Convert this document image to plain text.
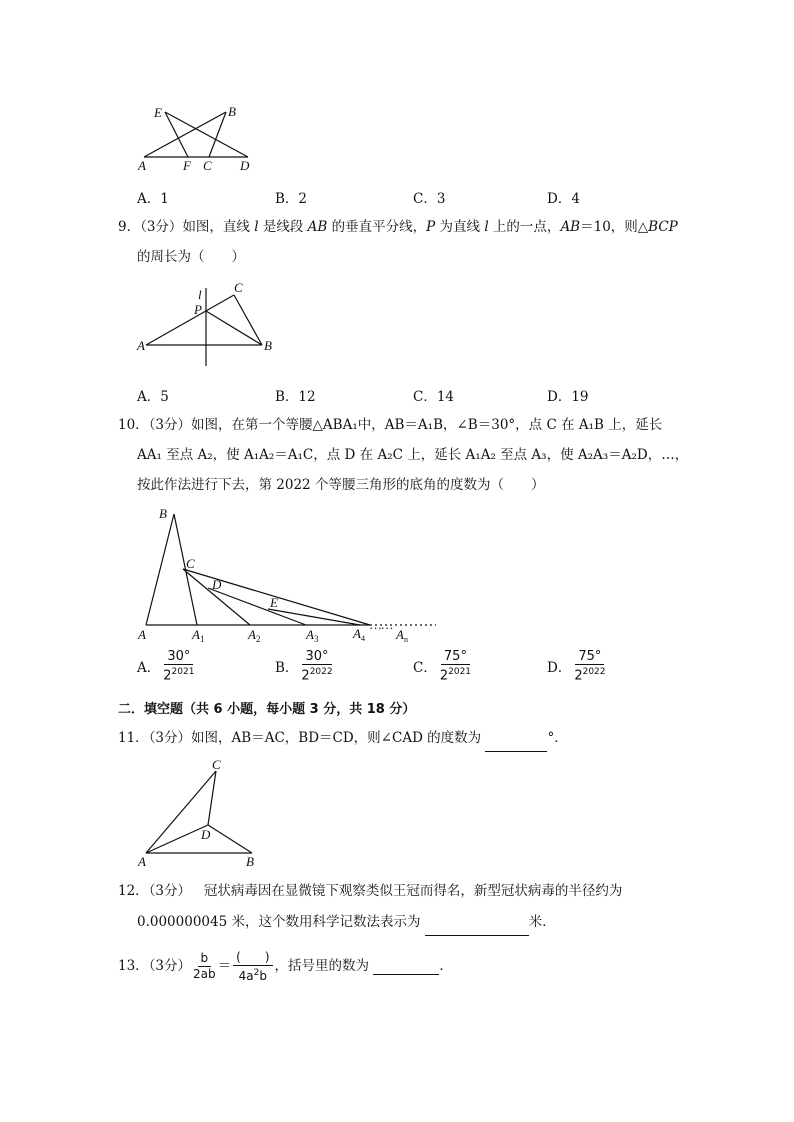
E	B
A	F C D
A．1	B．2	C．3	D．4
9．（3分）如图，直线 l 是线段 AB 的垂直平分线，P 为直线 l 上的一点，AB＝10，则△BCP
的周长为（　　）
l C
P
A	B
A．5	B．12	C．14	D．19
10．（3分）如图，在第一个等腰△ABA₁中，AB＝A₁B，∠B＝30°，点 C 在 A₁B 上，延长
AA₁ 至点 A₂，使 A₁A₂＝A₁C，点 D 在 A₂C 上，延长 A₁A₂ 至点 A₃，使 A₂A₃＝A₂D，…，
按此作法进行下去，第 2022 个等腰三角形的底角的度数为（　　）
B
C
D
E
A	$A_1$	$A_2$	$A_3$	$A_4$
……
$A_n$
A． $\frac{30^\circ}{2^{2021}}$	B． $\frac{30^\circ}{2^{2022}}$	C． $\frac{75^\circ}{2^{2021}}$	D． $\frac{75^\circ}{2^{2022}}$
二．填空题（共 6 小题，每小题 3 分，共 18 分）
11．（3分）如图，AB＝AC，BD＝CD，则∠CAD 的度数为	°．
C
D
A	B
12．（3分） 冠状病毒因在显微镜下观察类似王冠而得名，新型冠状病毒的半径约为
0.000000045 米，这个数用科学记数法表示为	米．
13．（3分） $\frac{b}{2ab} = \frac{( )}{4a^2b}$ ，括号里的数为	．
